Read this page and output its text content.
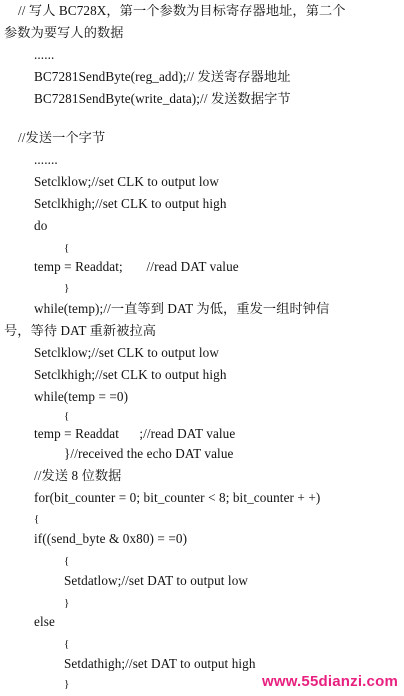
// 写人 BC728X，第一个参数为目标寄存器地址，第二个
参数为要写人的数据
......
BC7281SendByte(reg_add);// 发送寄存器地址
BC7281SendByte(write_data);// 发送数据字节
//发送一个字节
.......
Setclklow;//set CLK to output low
Setclkhigh;//set CLK to output high
do
{
temp = Readdat;       //read DAT value
}
while(temp);//一直等到 DAT 为低，重发一组时钟信
号，等待 DAT 重新被拉高
Setclklow;//set CLK to output low
Setclkhigh;//set CLK to output high
while(temp = =0)
{
temp = Readdat      ;//read DAT value
}//received the echo DAT value
//发送 8 位数据
for(bit_counter = 0; bit_counter < 8; bit_counter + +)
{
if((send_byte & 0x80) = =0)
{
Setdatlow;//set DAT to output low
}
else
{
Setdathigh;//set DAT to output high
}	www.55dianzi.com
